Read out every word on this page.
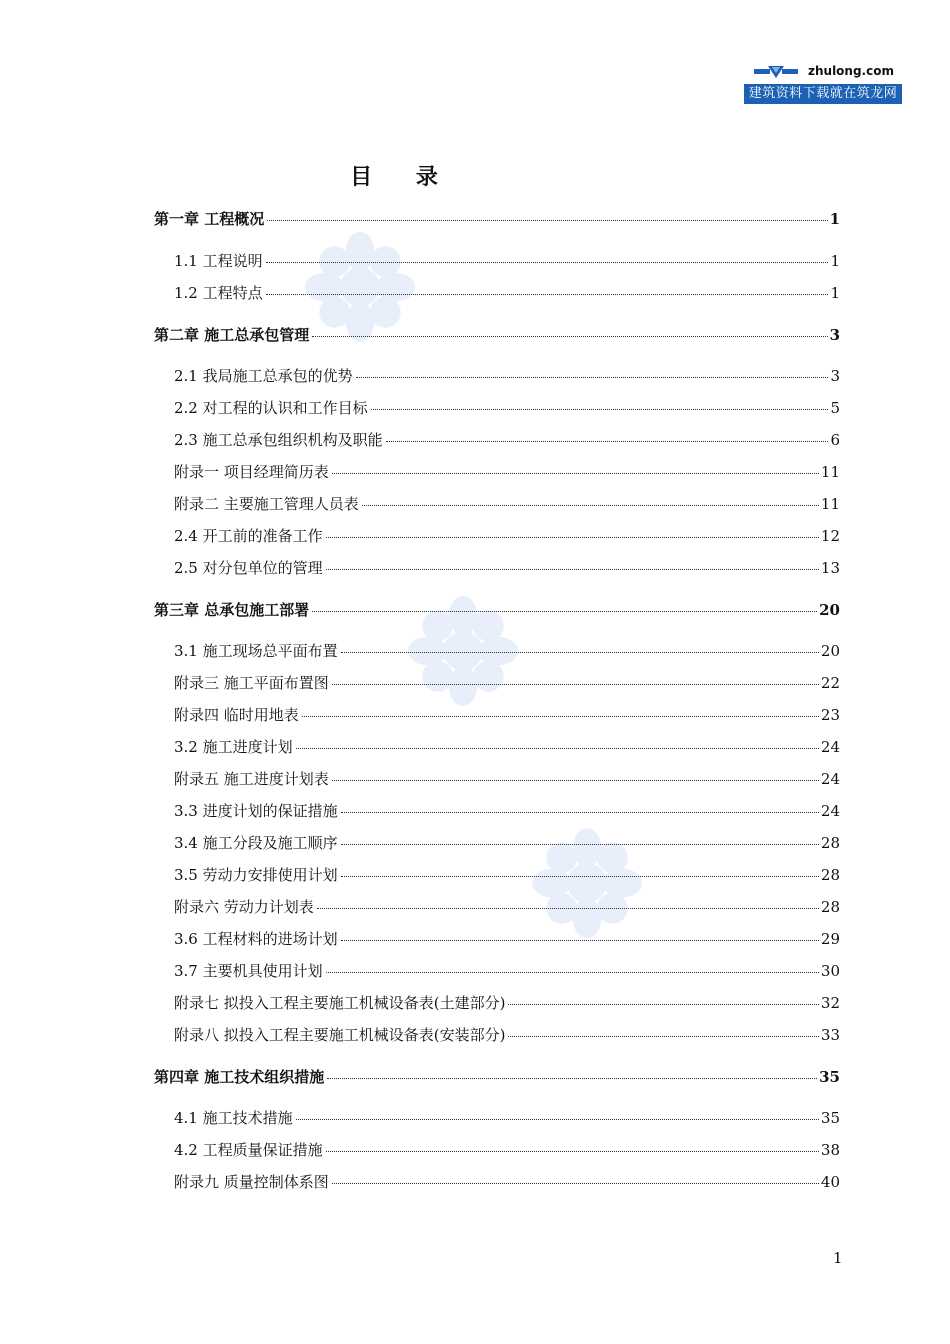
zhulong.com
建筑资料下载就在筑龙网
目 录
第一章 工程概况	1
1.1 工程说明	1
1.2 工程特点	1
第二章 施工总承包管理	3
2.1 我局施工总承包的优势	3
2.2 对工程的认识和工作目标	5
2.3 施工总承包组织机构及职能	6
附录一 项目经理简历表	11
附录二 主要施工管理人员表	11
2.4 开工前的准备工作	12
2.5 对分包单位的管理	13
第三章 总承包施工部署	20
3.1 施工现场总平面布置	20
附录三 施工平面布置图	22
附录四 临时用地表	23
3.2 施工进度计划	24
附录五 施工进度计划表	24
3.3 进度计划的保证措施	24
3.4 施工分段及施工顺序	28
3.5 劳动力安排使用计划	28
附录六 劳动力计划表	28
3.6 工程材料的进场计划	29
3.7 主要机具使用计划	30
附录七 拟投入工程主要施工机械设备表(土建部分)	32
附录八 拟投入工程主要施工机械设备表(安装部分)	33
第四章 施工技术组织措施	35
4.1 施工技术措施	35
4.2 工程质量保证措施	38
附录九 质量控制体系图	40
1
